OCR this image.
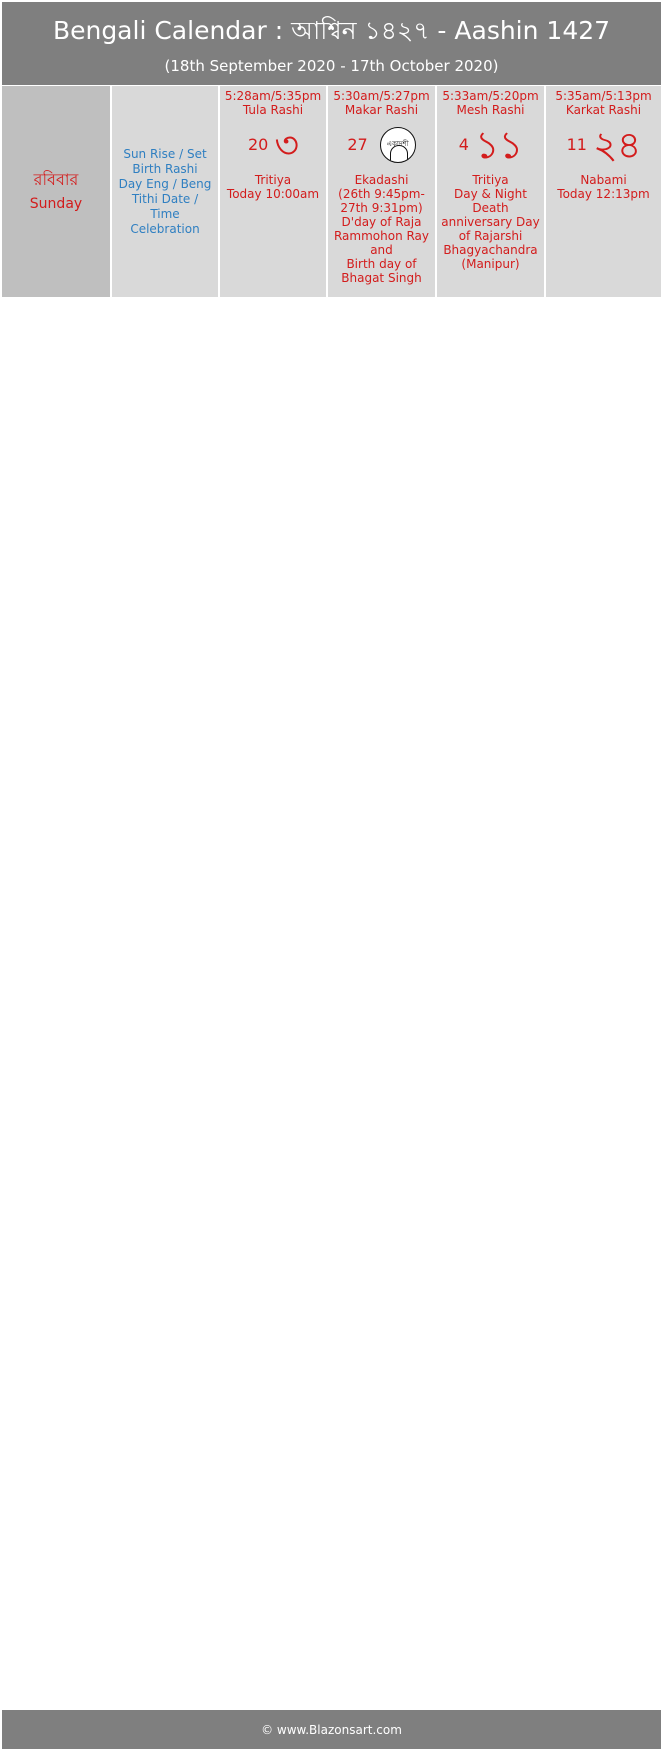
Bengali Calendar : আশ্বিন ১৪২৭ - Aashin 1427
(18th September 2020 - 17th October 2020)
রবিবার
Sunday
Sun Rise / Set
Birth Rashi
Day Eng / Beng
Tithi Date / Time
Celebration
5:28am/5:35pm
Tula Rashi
20 ৩
Tritiya
Today 10:00am
5:30am/5:27pm
Makar Rashi
27	একাদশী
Ekadashi
(26th 9:45pm-
27th 9:31pm)
D'day of Raja
Rammohon Ray
and
Birth day of
Bhagat Singh
5:33am/5:20pm
Mesh Rashi
4 ১১
Tritiya
Day & Night
Death
anniversary Day
of Rajarshi
Bhagyachandra
(Manipur)
5:35am/5:13pm
Karkat Rashi
11 ২৪
Nabami
Today 12:13pm
www.Blazonsart.com
© www.Blazonsart.com
